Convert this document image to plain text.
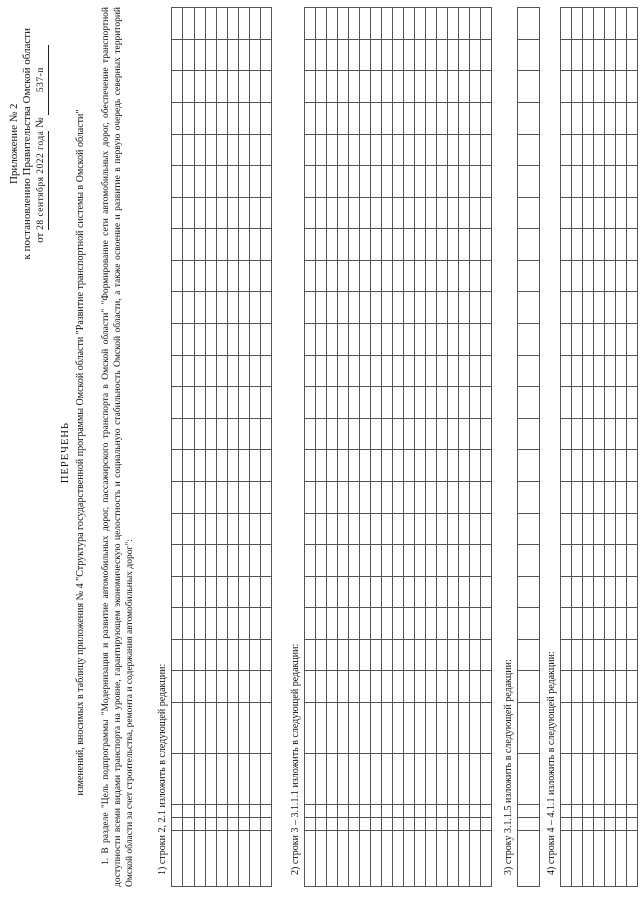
Приложение № 2 к постановлению Правительства Омской области от 28 сентября 2022 года № 537-п
ПЕРЕЧЕНЬ изменений, вносимых в таблицу приложения № 4 "Структура государственной программы Омской области "Развитие транспортной системы в Омской области" 1. В разделе "Цель подпрограммы "Модернизация и развитие автомобильных дорог, пассажирского транспорта в Омской области" "Формирование сети автомобильных дорог, обеспечение транспортной доступности всеми видами транспорта на уровне, гарантирующем экономическую целостность и социальную стабильность Омской области, а также освоение и развитие в первую очередь северных территорий Омской области за счет строительства, ремонта и содержания автомобильных дорог": 1) строки 2, 2.1 изложить в следующей редакции:

																											2) строки 3 – 3.1.1.1 изложить в следующей редакции:

																											3) строку 3.1.1.5 изложить в следующей редакции:
																											4) строки 4 – 4.1.1 изложить в следующей редакции:
